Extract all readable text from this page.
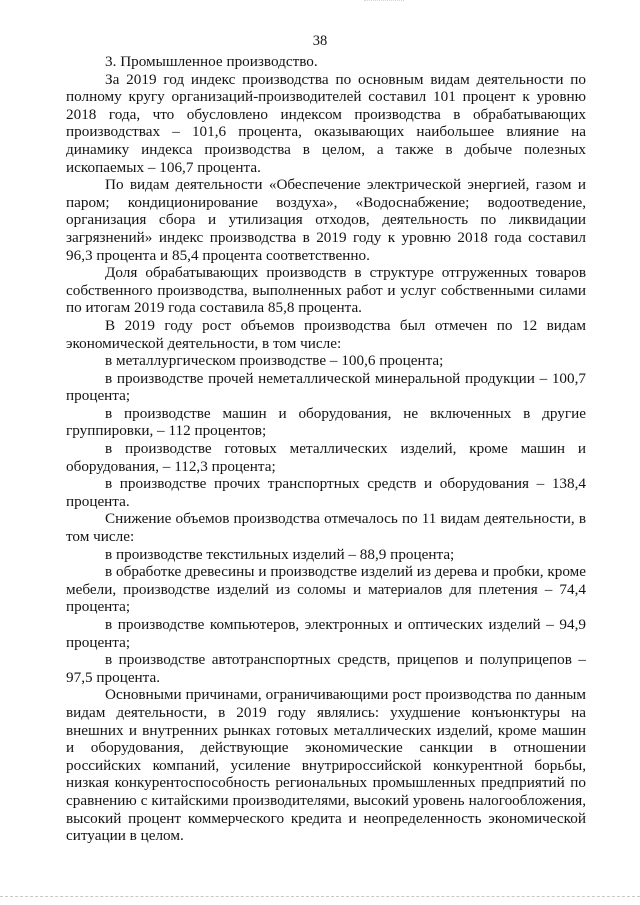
38

3. Промышленное производство.

За 2019 год индекс производства по основным видам деятельности по полному кругу организаций-производителей составил 101 процент к уровню 2018 года, что обусловлено индексом производства в обрабатывающих производствах – 101,6 процента, оказывающих наибольшее влияние на динамику индекса производства в целом, а также в добыче полезных ископаемых – 106,7 процента.

По видам деятельности «Обеспечение электрической энергией, газом и паром; кондиционирование воздуха», «Водоснабжение; водоотведение, организация сбора и утилизация отходов, деятельность по ликвидации загрязнений» индекс производства в 2019 году к уровню 2018 года составил 96,3 процента и 85,4 процента соответственно.

Доля обрабатывающих производств в структуре отгруженных товаров собственного производства, выполненных работ и услуг собственными силами по итогам 2019 года составила 85,8 процента.

В 2019 году рост объемов производства был отмечен по 12 видам экономической деятельности, в том числе:

в металлургическом производстве – 100,6 процента;

в производстве прочей неметаллической минеральной продукции – 100,7 процента;

в производстве машин и оборудования, не включенных в другие группировки, – 112 процентов;

в производстве готовых металлических изделий, кроме машин и оборудования, – 112,3 процента;

в производстве прочих транспортных средств и оборудования – 138,4 процента.

Снижение объемов производства отмечалось по 11 видам деятельности, в том числе:

в производстве текстильных изделий – 88,9 процента;

в обработке древесины и производстве изделий из дерева и пробки, кроме мебели, производстве изделий из соломы и материалов для плетения – 74,4 процента;

в производстве компьютеров, электронных и оптических изделий – 94,9 процента;

в производстве автотранспортных средств, прицепов и полуприцепов – 97,5 процента.

Основными причинами, ограничивающими рост производства по данным видам деятельности, в 2019 году являлись: ухудшение конъюнктуры на внешних и внутренних рынках готовых металлических изделий, кроме машин и оборудования, действующие экономические санкции в отношении российских компаний, усиление внутрироссийской конкурентной борьбы, низкая конкурентоспособность региональных промышленных предприятий по сравнению с китайскими производителями, высокий уровень налогообложения, высокий процент коммерческого кредита и неопределенность экономической ситуации в целом.
